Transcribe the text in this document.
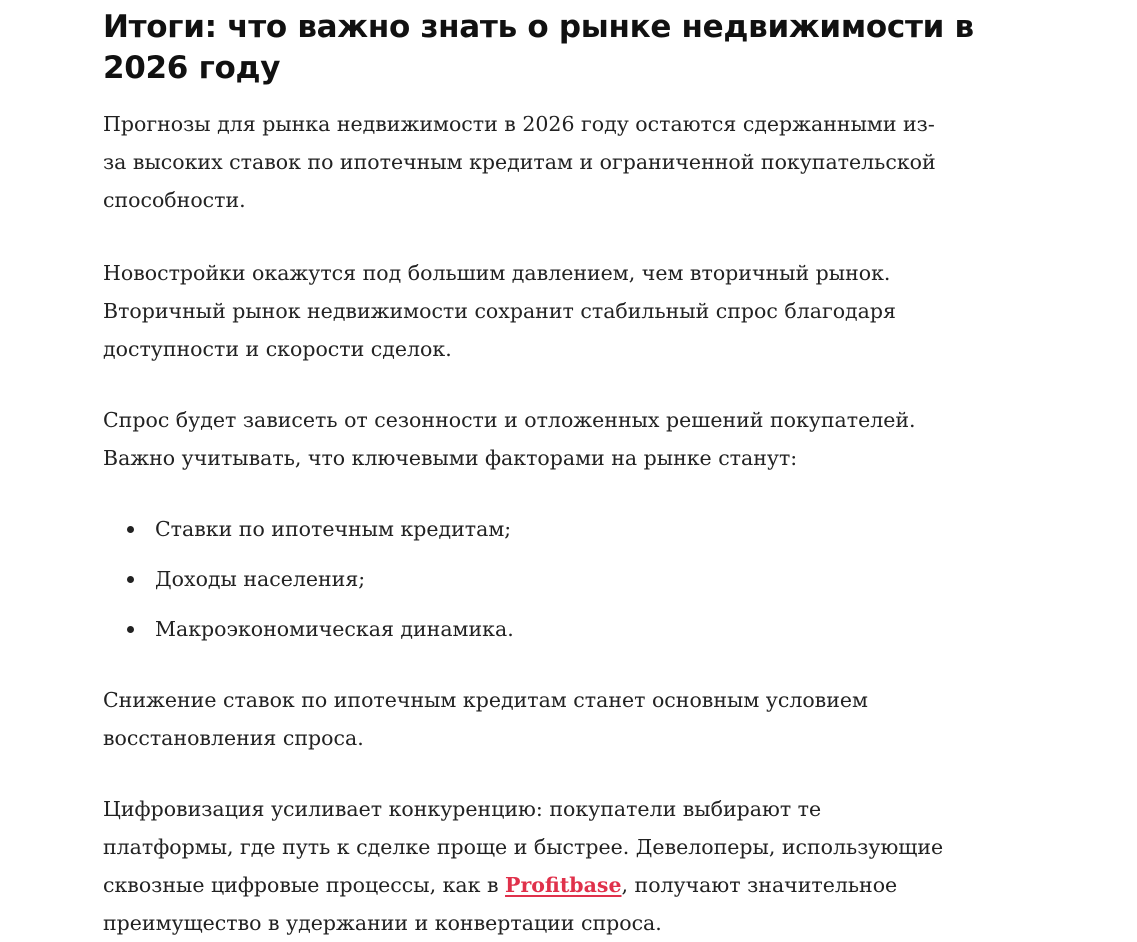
Итоги: что важно знать о рынке недвижимости в
2026 году

Прогнозы для рынка недвижимости в 2026 году остаются сдержанными из-
за высоких ставок по ипотечным кредитам и ограниченной покупательской
способности.

Новостройки окажутся под большим давлением, чем вторичный рынок.
Вторичный рынок недвижимости сохранит стабильный спрос благодаря
доступности и скорости сделок.

Спрос будет зависеть от сезонности и отложенных решений покупателей.
Важно учитывать, что ключевыми факторами на рынке станут:

Ставки по ипотечным кредитам;
Доходы населения;
Макроэкономическая динамика.

Снижение ставок по ипотечным кредитам станет основным условием
восстановления спроса.

Цифровизация усиливает конкуренцию: покупатели выбирают те
платформы, где путь к сделке проще и быстрее. Девелоперы, использующие
сквозные цифровые процессы, как в Profitbase, получают значительное
преимущество в удержании и конвертации спроса.
